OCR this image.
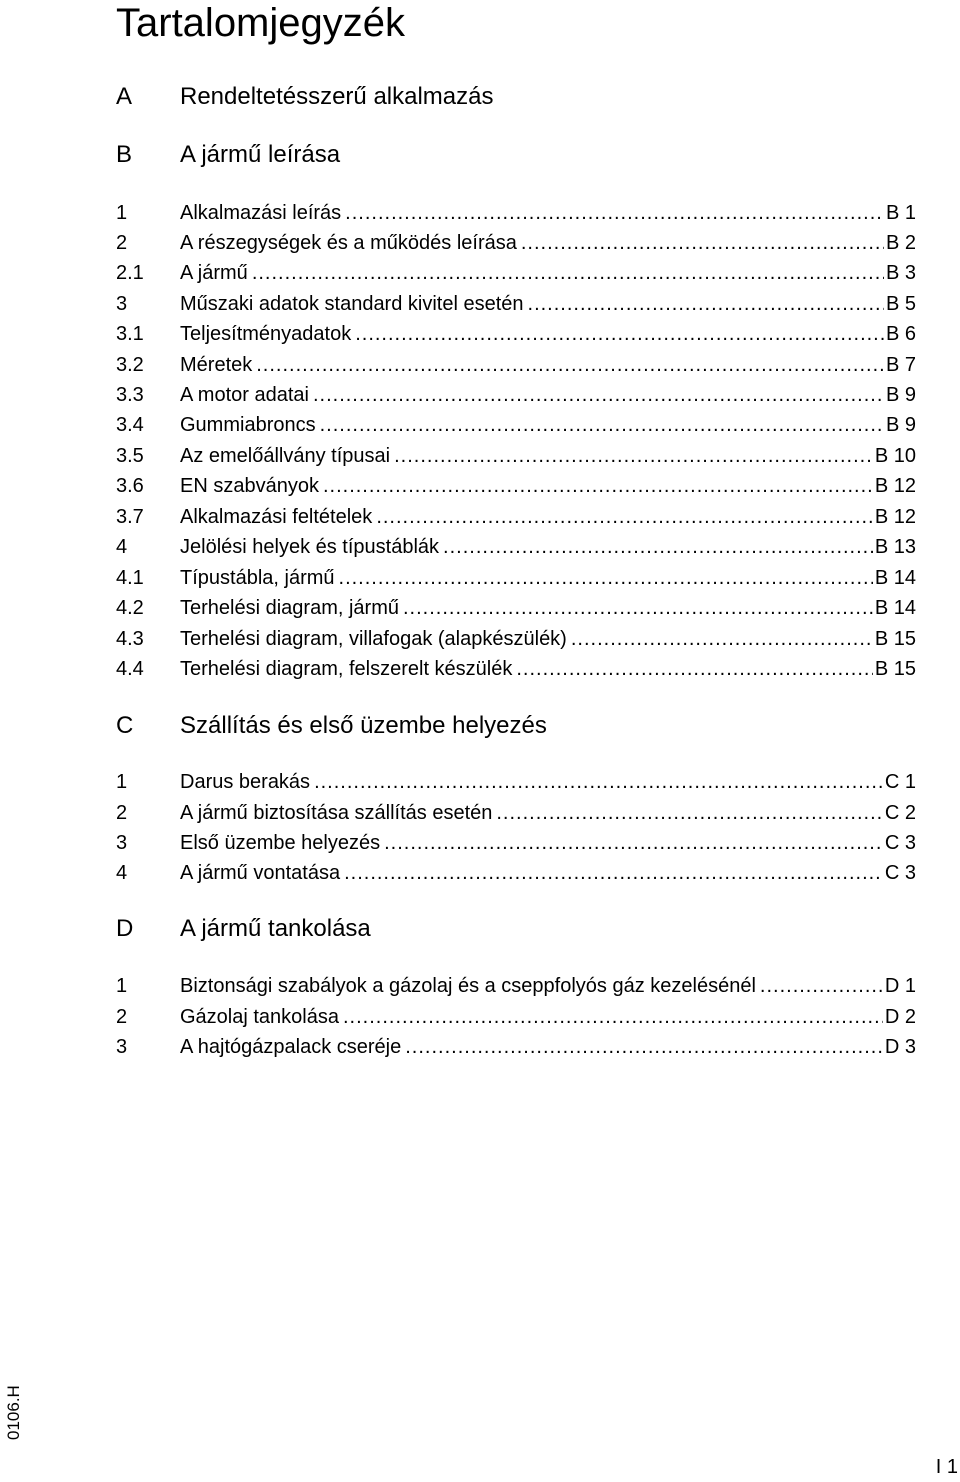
Tartalomjegyzék
A Rendeltetésszerű alkalmazás
B A jármű leírása
1	Alkalmazási leírás .....	B 1
2	A részegységek és a működés leírása .....	B 2
2.1 A jármű .....	B 3
3	Műszaki adatok standard kivitel esetén .....	B 5
3.1 Teljesítményadatok .....	B 6
3.2 Méretek .....	B 7
3.3 A motor adatai .....	B 9
3.4 Gummiabroncs .....	B 9
3.5 Az emelőállvány típusai .....	B 10
3.6 EN szabványok .....	B 12
3.7 Alkalmazási feltételek .....	B 12
4	Jelölési helyek és típustáblák .....	B 13
4.1 Típustábla, jármű .....	B 14
4.2 Terhelési diagram, jármű .....	B 14
4.3 Terhelési diagram, villafogak (alapkészülék) .....	B 15
4.4 Terhelési diagram, felszerelt készülék .....	B 15
C Szállítás és első üzembe helyezés
1	Darus berakás .....	C 1
2	A jármű biztosítása szállítás esetén .....	C 2
3	Első üzembe helyezés .....	C 3
4	A jármű vontatása .....	C 3
D A jármű tankolása
1	Biztonsági szabályok a gázolaj és a cseppfolyós gáz kezelésénél .....	D 1
2	Gázolaj tankolása .....	D 2
3	A hajtógázpalack cseréje .....	D 3
0106.H
I 1
